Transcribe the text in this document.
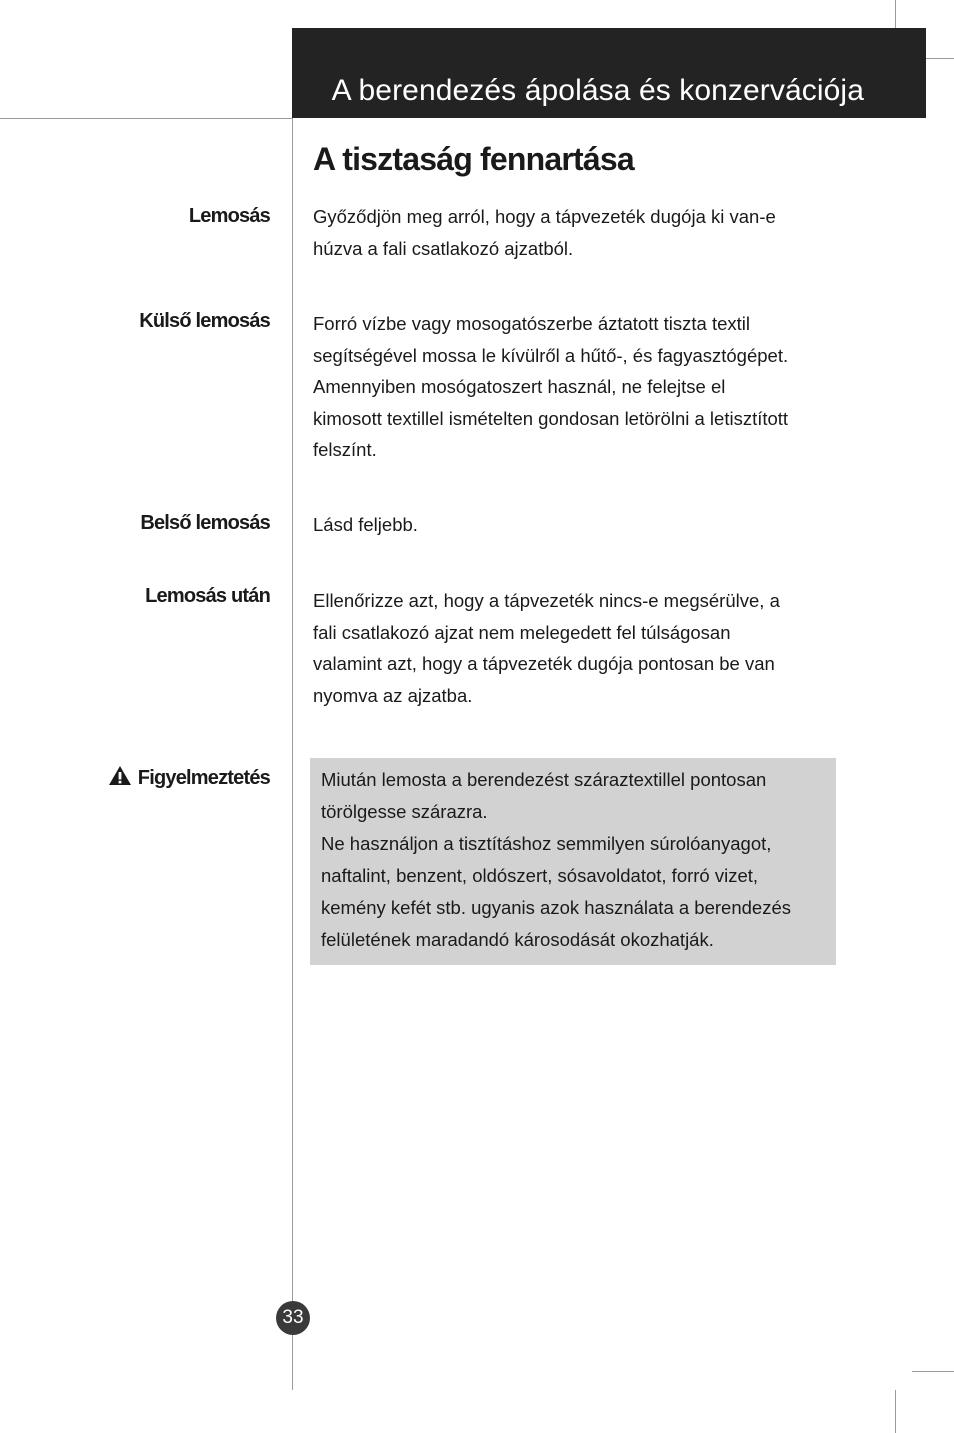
A berendezés ápolása és konzervációja
A tisztaság fennartása
Lemosás Győződjön meg arról, hogy a tápvezeték dugója ki van-e
húzva a fali csatlakozó ajzatból.
Külső lemosás Forró vízbe vagy mosogatószerbe áztatott tiszta textil
segítségével mossa le kívülről a hűtő-, és fagyasztógépet.
Amennyiben mosógatoszert használ, ne felejtse el
kimosott textillel ismételten gondosan letörölni a letisztított
felszínt.
Belső lemosás Lásd feljebb.
Lemosás után Ellenőrizze azt, hogy a tápvezeték nincs-e megsérülve, a
fali csatlakozó ajzat nem melegedett fel túlságosan
valamint azt, hogy a tápvezeték dugója pontosan be van
nyomva az ajzatba.
Figyelmeztetés	Miután lemosta a berendezést száraztextillel pontosan
törölgesse szárazra.
Ne használjon a tisztításhoz semmilyen súrolóanyagot,
naftalint, benzent, oldószert, sósavoldatot, forró vizet,
kemény kefét stb. ugyanis azok használata a berendezés
felületének maradandó károsodását okozhatják.
33
